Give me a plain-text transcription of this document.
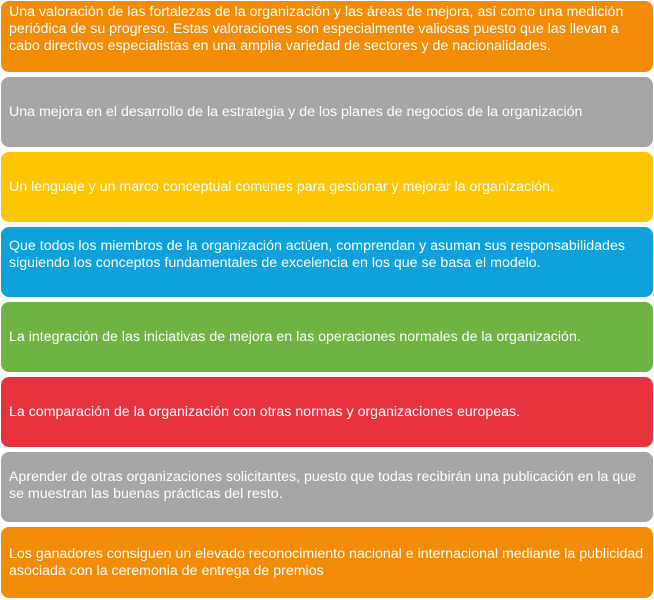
Una valoración de las fortalezas de la organización y las áreas de mejora, así como una medición periódica de su progreso. Estas valoraciones son especialmente valiosas puesto que las llevan a cabo directivos especialistas en una amplia variedad de sectores y de nacionalidades.
Una mejora en el desarrollo de la estrategia y de los planes de negocios de la organización
Un lenguaje y un marco conceptual comunes para gestionar y mejorar la organización.
Que todos los miembros de la organización actúen, comprendan y asuman sus responsabilidades siguiendo los conceptos fundamentales de excelencia en los que se basa el modelo.
La integración de las iniciativas de mejora en las operaciones normales de la organización.
La comparación de la organización con otras normas y organizaciones europeas.
Aprender de otras organizaciones solicitantes, puesto que todas recibirán una publicación en la que se muestran las buenas prácticas del resto.
Los ganadores consiguen un elevado reconocimiento nacional e internacional mediante la publicidad asociada con la ceremonia de entrega de premios
